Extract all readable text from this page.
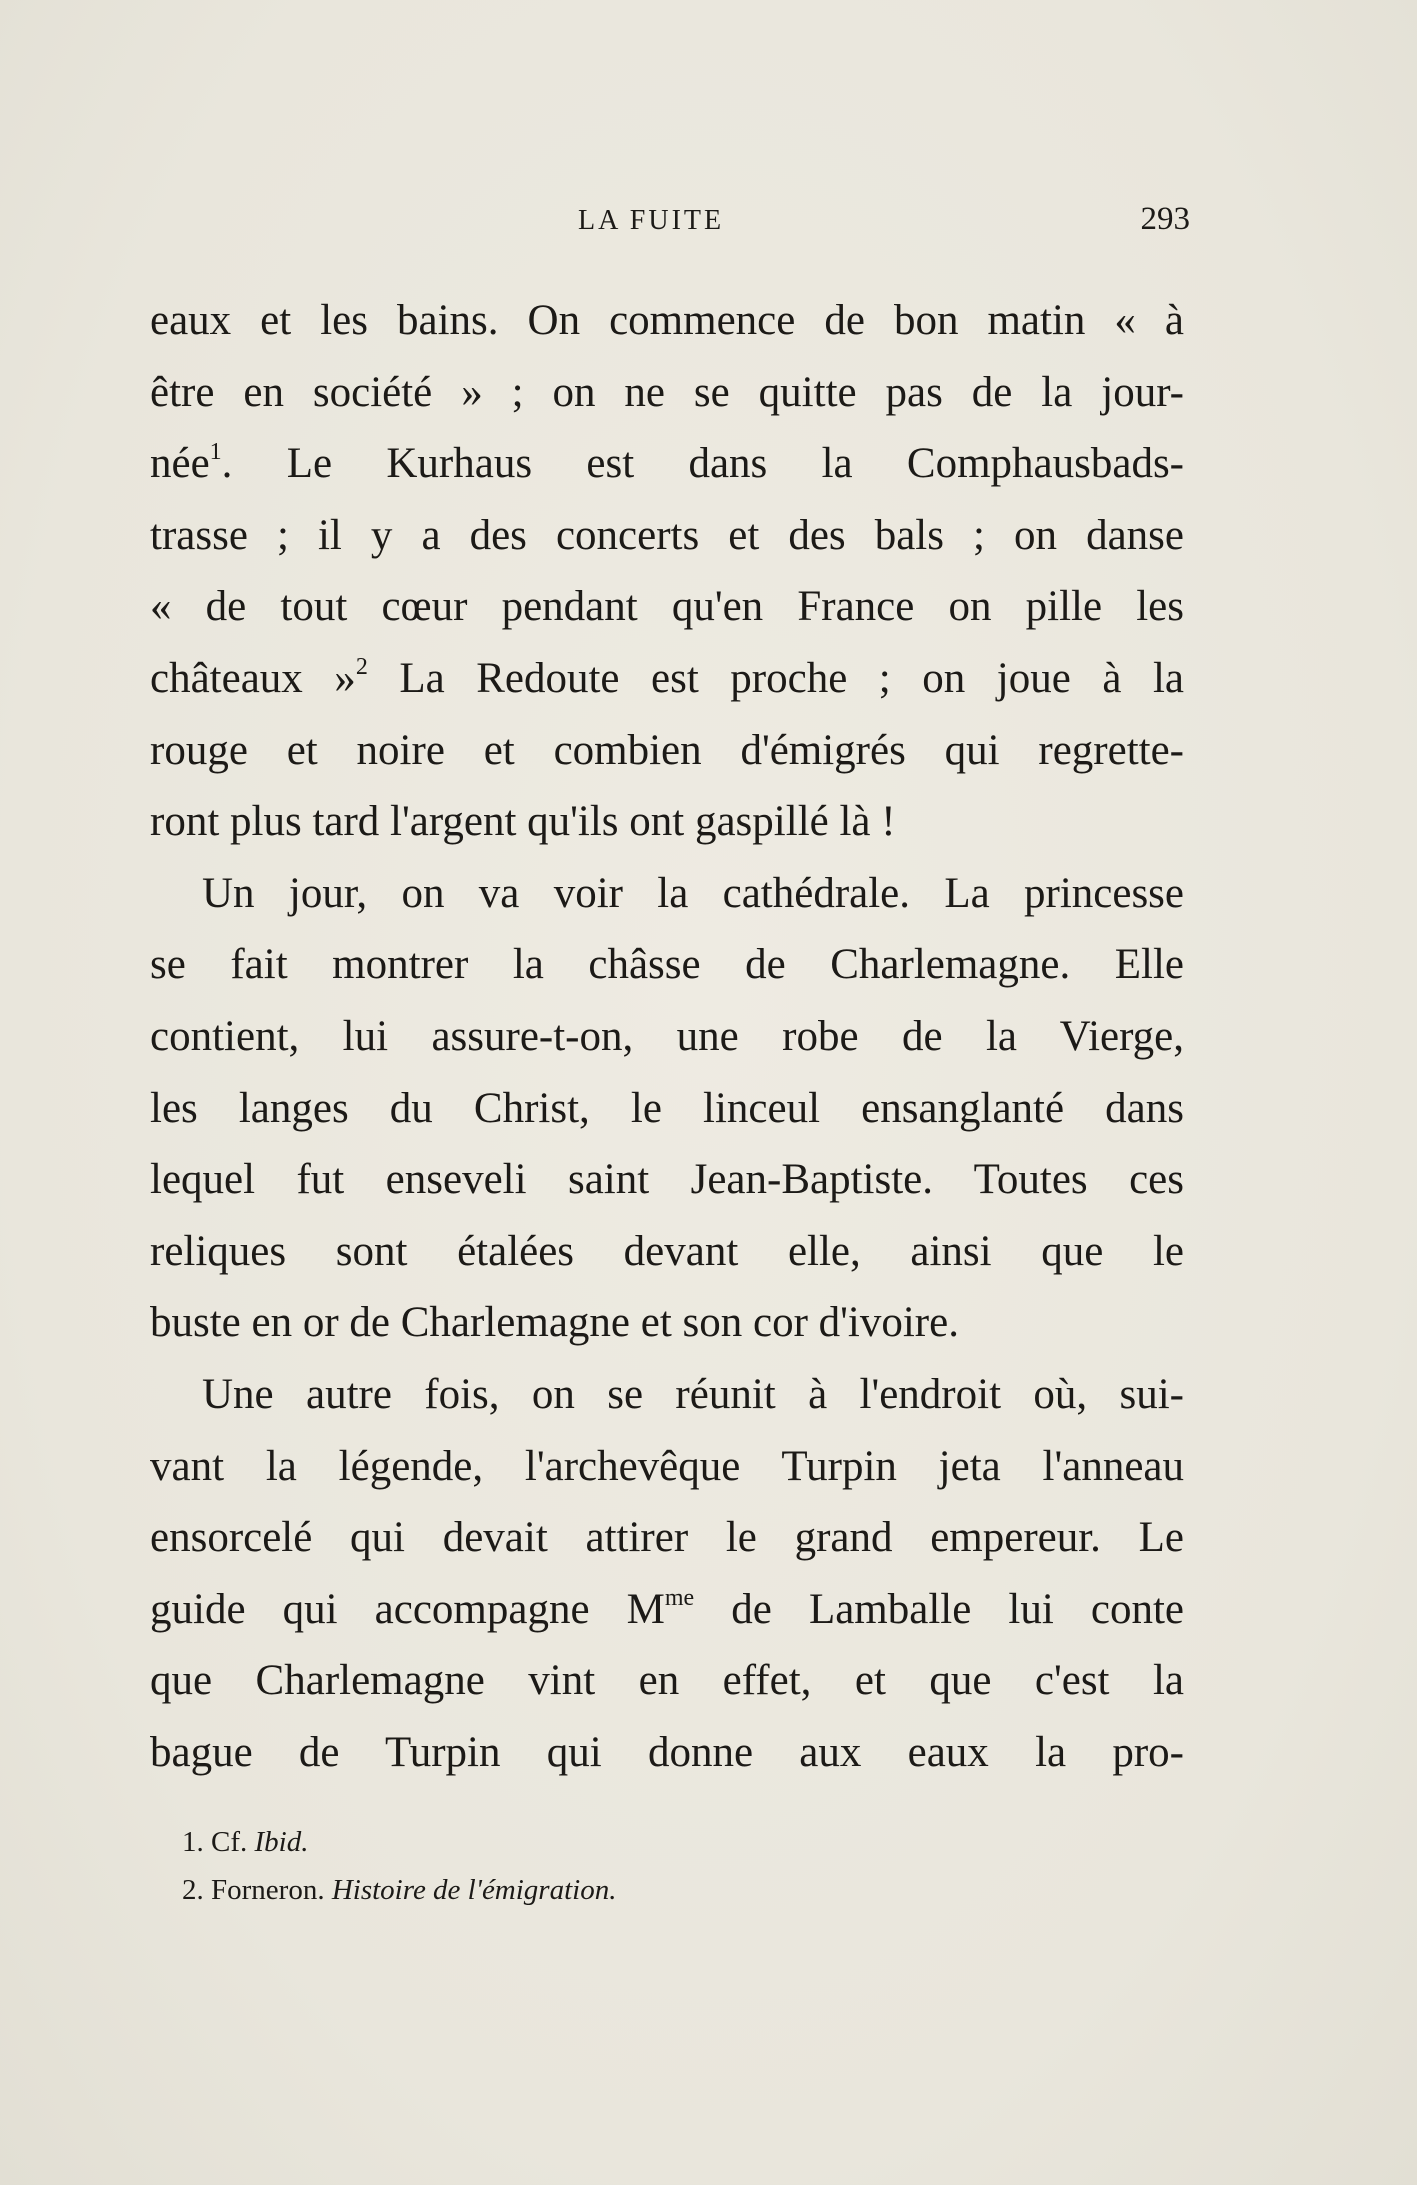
LA FUITE	293
eaux et les bains. On commence de bon matin « à
être en société » ; on ne se quitte pas de la jour-
née$^1$. Le Kurhaus est dans la Comphausbads-
trasse ; il y a des concerts et des bals ; on danse
« de tout cœur pendant qu'en France on pille les
châteaux »$^2$ La Redoute est proche ; on joue à la
rouge et noire et combien d'émigrés qui regrette-
ront plus tard l'argent qu'ils ont gaspillé là !
Un jour, on va voir la cathédrale. La princesse
se fait montrer la châsse de Charlemagne. Elle
contient, lui assure-t-on, une robe de la Vierge,
les langes du Christ, le linceul ensanglanté dans
lequel fut enseveli saint Jean-Baptiste. Toutes ces
reliques sont étalées devant elle, ainsi que le
buste en or de Charlemagne et son cor d'ivoire.
Une autre fois, on se réunit à l'endroit où, sui-
vant la légende, l'archevêque Turpin jeta l'anneau
ensorcelé qui devait attirer le grand empereur. Le
guide qui accompagne $M^{me}$ de Lamballe lui conte
que Charlemagne vint en effet, et que c'est la
bague de Turpin qui donne aux eaux la pro-
1. Cf. Ibid.
2. Forneron. Histoire de l'émigration.
